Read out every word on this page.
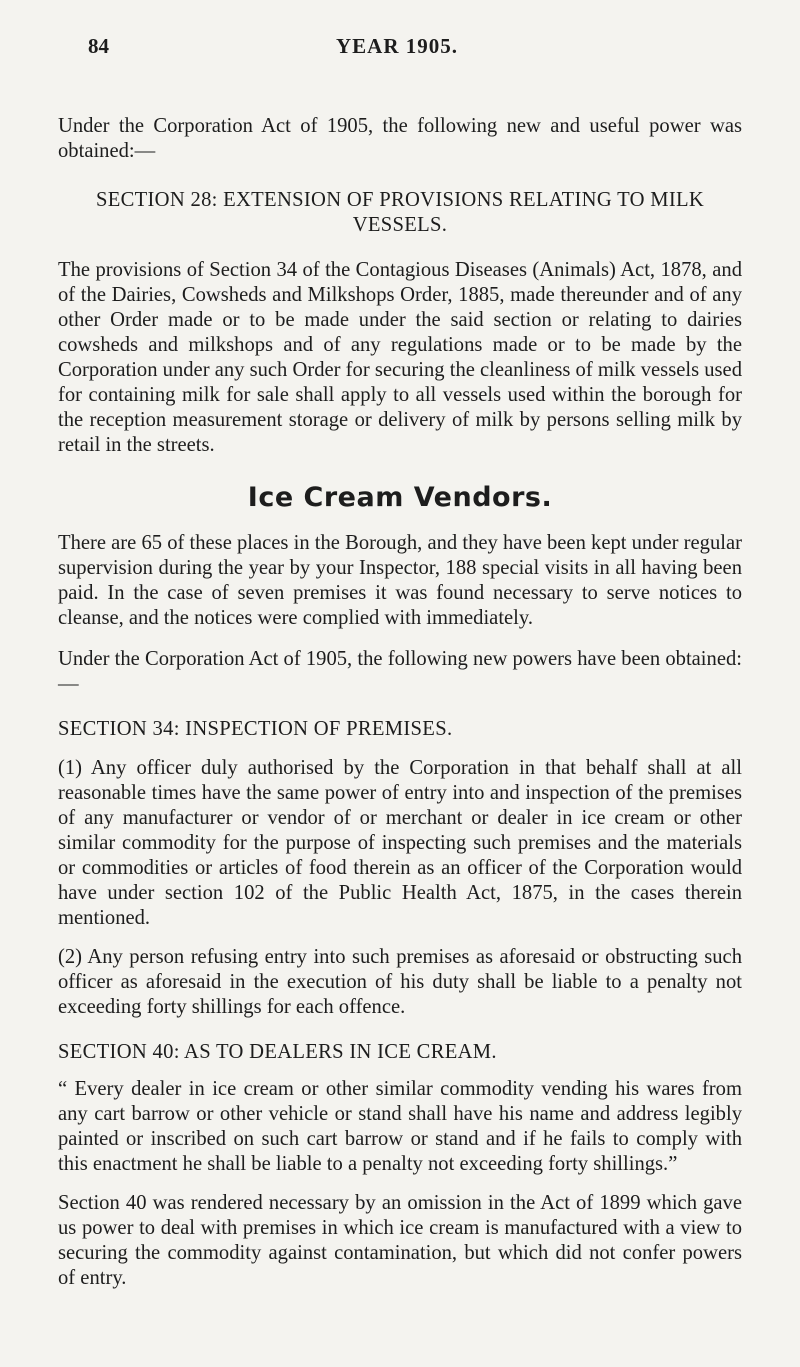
84	YEAR 1905.

Under the Corporation Act of 1905, the following new and useful power was obtained:—

SECTION 28: EXTENSION OF PROVISIONS RELATING TO MILK VESSELS.

The provisions of Section 34 of the Contagious Diseases (Animals) Act, 1878, and of the Dairies, Cowsheds and Milkshops Order, 1885, made thereunder and of any other Order made or to be made under the said section or relating to dairies cowsheds and milkshops and of any regulations made or to be made by the Corporation under any such Order for securing the cleanliness of milk vessels used for containing milk for sale shall apply to all vessels used within the borough for the reception measurement storage or delivery of milk by persons selling milk by retail in the streets.

Ice Cream Vendors.

There are 65 of these places in the Borough, and they have been kept under regular supervision during the year by your Inspector, 188 special visits in all having been paid. In the case of seven premises it was found necessary to serve notices to cleanse, and the notices were complied with immediately.

Under the Corporation Act of 1905, the following new powers have been obtained:—

SECTION 34: INSPECTION OF PREMISES.

(1) Any officer duly authorised by the Corporation in that behalf shall at all reasonable times have the same power of entry into and inspection of the premises of any manufacturer or vendor of or merchant or dealer in ice cream or other similar commodity for the purpose of inspecting such premises and the materials or commodities or articles of food therein as an officer of the Corporation would have under section 102 of the Public Health Act, 1875, in the cases therein mentioned.

(2) Any person refusing entry into such premises as aforesaid or obstructing such officer as aforesaid in the execution of his duty shall be liable to a penalty not exceeding forty shillings for each offence.

SECTION 40: AS TO DEALERS IN ICE CREAM.

“ Every dealer in ice cream or other similar commodity vending his wares from any cart barrow or other vehicle or stand shall have his name and address legibly painted or inscribed on such cart barrow or stand and if he fails to comply with this enactment he shall be liable to a penalty not exceeding forty shillings.”

Section 40 was rendered necessary by an omission in the Act of 1899 which gave us power to deal with premises in which ice cream is manufactured with a view to securing the commodity against contamination, but which did not confer powers of entry.
